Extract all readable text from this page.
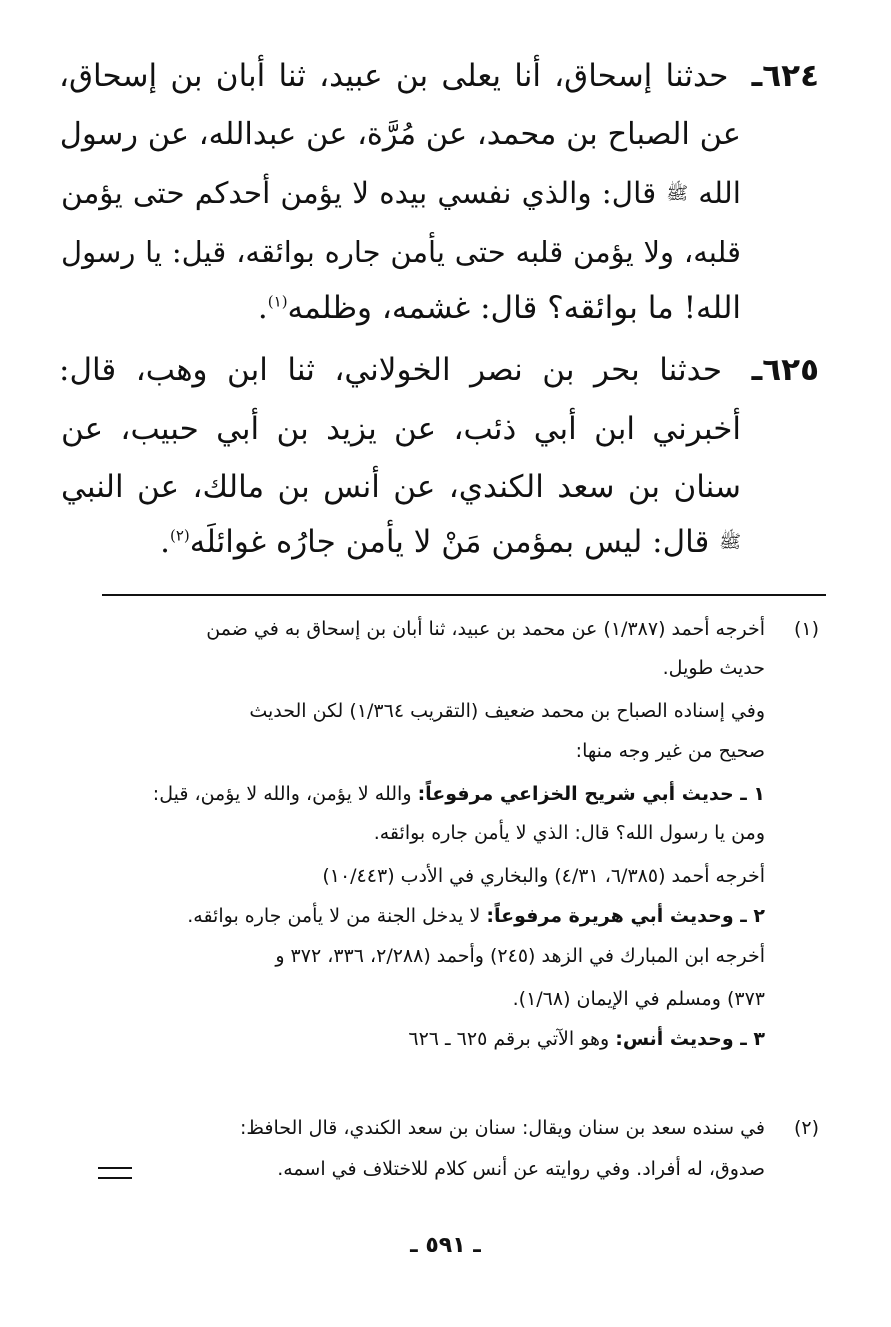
٦٢٤ـ حدثنا إسحاق، أنا يعلى بن عبيد، ثنا أبان بن إسحاق،
عن الصباح بن محمد، عن مُرَّة، عن عبدالله، عن رسول
الله ﷺ قال: والذي نفسي بيده لا يؤمن أحدكم حتى يؤمن
قلبه، ولا يؤمن قلبه حتى يأمن جاره بوائقه، قيل: يا رسول
الله! ما بوائقه؟ قال: غشمه، وظلمه$^{(١)}$.
٦٢٥ـ حدثنا بحر بن نصر الخولاني، ثنا ابن وهب، قال:
أخبرني ابن أبي ذئب، عن يزيد بن أبي حبيب، عن
سنان بن سعد الكندي، عن أنس بن مالك، عن النبي
ﷺ قال: ليس بمؤمن مَنْ لا يأمن جارُه غوائلَه$^{(٢)}$.
(١)
أخرجه أحمد (١/٣٨٧) عن محمد بن عبيد، ثنا أبان بن إسحاق به في ضمن
حديث طويل.
وفي إسناده الصباح بن محمد ضعيف (التقريب ١/٣٦٤) لكن الحديث
صحيح من غير وجه منها:
١ ـ حديث أبي شريح الخزاعي مرفوعاً: والله لا يؤمن، والله لا يؤمن، قيل:
ومن يا رسول الله؟ قال: الذي لا يأمن جاره بوائقه.
أخرجه أحمد (٦/٣٨٥، ٤/٣١) والبخاري في الأدب (١٠/٤٤٣)
٢ ـ وحديث أبي هريرة مرفوعاً: لا يدخل الجنة من لا يأمن جاره بوائقه.
أخرجه ابن المبارك في الزهد (٢٤٥) وأحمد (٢/٢٨٨، ٣٣٦، ٣٧٢ و
٣٧٣) ومسلم في الإيمان (١/٦٨).
٣ ـ وحديث أنس: وهو الآتي برقم ٦٢٥ ـ ٦٢٦
(٢)
في سنده سعد بن سنان ويقال: سنان بن سعد الكندي، قال الحافظ:
صدوق، له أفراد. وفي روايته عن أنس كلام للاختلاف في اسمه.
ـ ٥٩١ ـ
